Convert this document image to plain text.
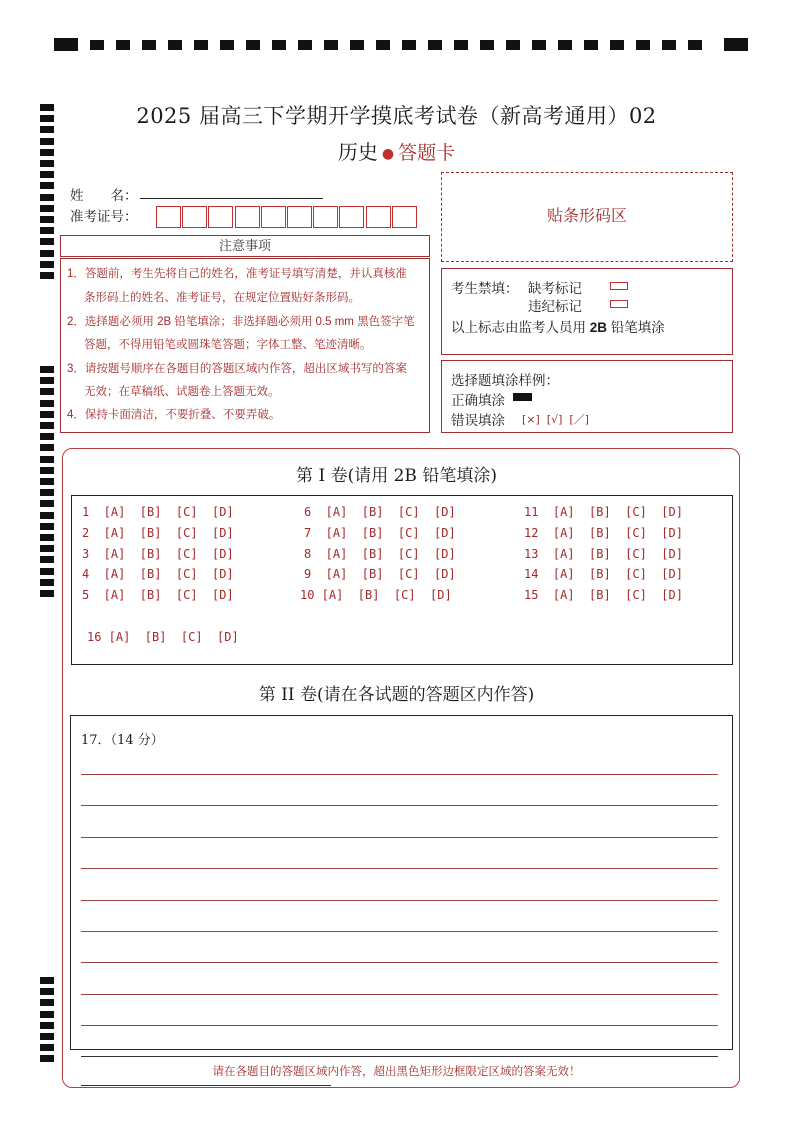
2025 届高三下学期开学摸底考试卷（新高考通用）02
历史 ● 答题卡
姓　　名：
准考证号：	贴条形码区
注意事项
1．答题前，考生先将自己的姓名，准考证号填写清楚，并认真核准
条形码上的姓名、准考证号，在规定位置贴好条形码。
2．选择题必须用 2B 铅笔填涂；非选择题必须用 0.5 mm 黑色签字笔
答题，不得用铅笔或圆珠笔答题；字体工整、笔迹清晰。
3．请按题号顺序在各题目的答题区域内作答，超出区域书写的答案
无效；在草稿纸、试题卷上答题无效。
4．保持卡面清洁，不要折叠、不要弄破。
考生禁填： 缺考标记
违纪标记
以上标志由监考人员用 2B 铅笔填涂
选择题填涂样例：
正确填涂
错误填涂 [×]  [√]  [／]
第 I 卷(请用 2B 铅笔填涂)
第 II 卷(请在各试题的答题区内作答)
17．（14 分）
请在各题目的答题区域内作答，超出黑色矩形边框限定区域的答案无效！
1  [A]  [B]  [C]  [D]
2  [A]  [B]  [C]  [D]
3  [A]  [B]  [C]  [D]
4  [A]  [B]  [C]  [D]
5  [A]  [B]  [C]  [D]
6  [A]  [B]  [C]  [D]
7  [A]  [B]  [C]  [D]
8  [A]  [B]  [C]  [D]
9  [A]  [B]  [C]  [D]
10 [A]  [B]  [C]  [D]
11  [A]  [B]  [C]  [D]
12  [A]  [B]  [C]  [D]
13  [A]  [B]  [C]  [D]
14  [A]  [B]  [C]  [D]
15  [A]  [B]  [C]  [D]
16 [A]  [B]  [C]  [D]
